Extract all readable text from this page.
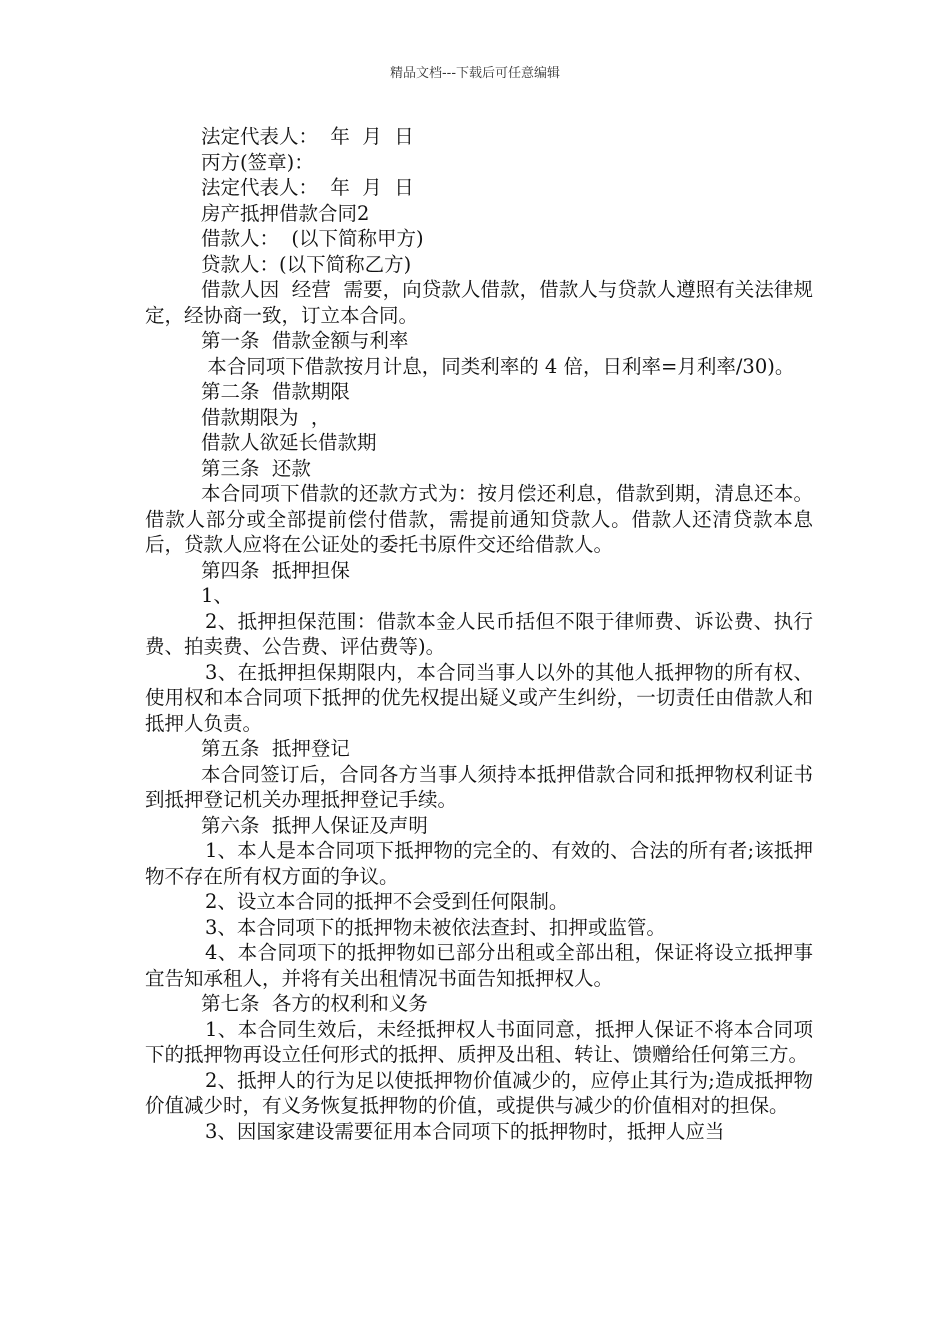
精品文档---下载后可任意编辑

法定代表人：  年  月  日

丙方(签章)：

法定代表人：  年  月  日

房产抵押借款合同2

借款人：  (以下简称甲方)

贷款人：(以下简称乙方)

借款人因  经营  需要，向贷款人借款，借款人与贷款人遵照有关法律规定，经协商一致，订立本合同。

第一条  借款金额与利率

本合同项下借款按月计息，同类利率的 4 倍，日利率=月利率/30)。

第二条  借款期限

借款期限为  ，

借款人欲延长借款期

第三条  还款

本合同项下借款的还款方式为：按月偿还利息，借款到期，清息还本。借款人部分或全部提前偿付借款，需提前通知贷款人。借款人还清贷款本息后，贷款人应将在公证处的委托书原件交还给借款人。

第四条  抵押担保

1、

2、抵押担保范围：借款本金人民币括但不限于律师费、诉讼费、执行费、拍卖费、公告费、评估费等)。

3、在抵押担保期限内，本合同当事人以外的其他人抵押物的所有权、使用权和本合同项下抵押的优先权提出疑义或产生纠纷，一切责任由借款人和抵押人负责。

第五条  抵押登记

本合同签订后，合同各方当事人须持本抵押借款合同和抵押物权利证书到抵押登记机关办理抵押登记手续。

第六条  抵押人保证及声明

1、本人是本合同项下抵押物的完全的、有效的、合法的所有者;该抵押物不存在所有权方面的争议。

2、设立本合同的抵押不会受到任何限制。

3、本合同项下的抵押物未被依法查封、扣押或监管。

4、本合同项下的抵押物如已部分出租或全部出租，保证将设立抵押事宜告知承租人，并将有关出租情况书面告知抵押权人。

第七条  各方的权利和义务

1、本合同生效后，未经抵押权人书面同意，抵押人保证不将本合同项下的抵押物再设立任何形式的抵押、质押及出租、转让、馈赠给任何第三方。

2、抵押人的行为足以使抵押物价值减少的，应停止其行为;造成抵押物价值减少时，有义务恢复抵押物的价值，或提供与减少的价值相对的担保。

3、因国家建设需要征用本合同项下的抵押物时，抵押人应当
